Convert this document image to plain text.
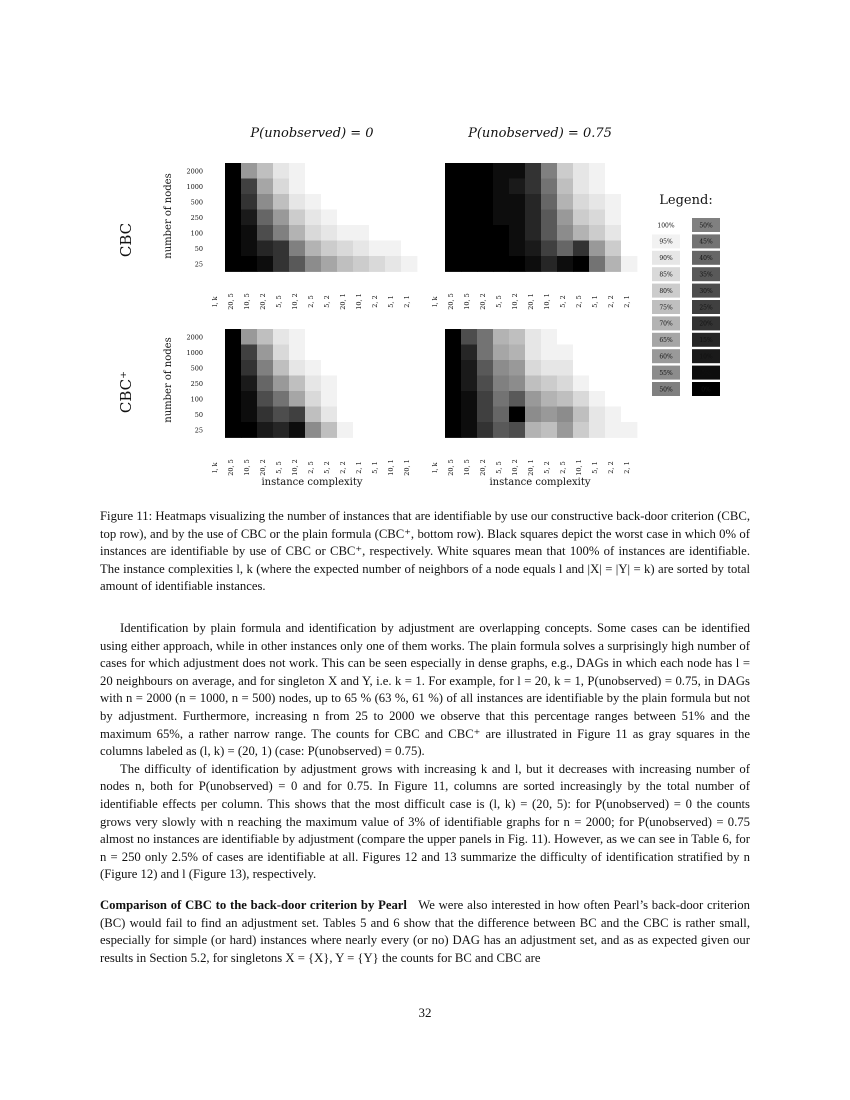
P(unobserved) = 0	P(unobserved) = 0.75
CBC
CBC⁺
number of nodes
number of nodes
instance complexity	instance complexity
2000
1000
500
250
100
50
25
l, k 20, 5 10, 5 20, 2 5, 5 10, 2 2, 5 5, 2 20, 1 10, 1 2, 2 5, 1 2, 1	l, k 20, 5 10, 5 20, 2 5, 5 10, 2 20, 1 10, 1 5, 2 2, 5 5, 1 2, 2 2, 1
2000
1000
500
250
100
50
25
l, k 20, 5 10, 5 20, 2 5, 5 10, 2 2, 5 5, 2 2, 2 2, 1 5, 1 10, 1 20, 1	l, k 20, 5 10, 5 20, 2 5, 5 10, 2 20, 1 5, 2 2, 5 10, 1 5, 1 2, 2 2, 1
Legend:
100%
95%
90%
85%
80%
75%
70%
65%
60%
55%
50%
50%
45%
40%
35%
30%
25%
20%
15%
10%
5%
0%
Figure 11: Heatmaps visualizing the number of instances that are identifiable by use our constructive back-door criterion (CBC, top row), and by the use of CBC or the plain formula (CBC⁺, bottom row). Black squares depict the worst case in which 0% of instances are identifiable by use of CBC or CBC⁺, respectively. White squares mean that 100% of instances are identifiable. The instance complexities l, k (where the expected number of neighbors of a node equals l and |X| = |Y| = k) are sorted by total amount of identifiable instances.

Identification by plain formula and identification by adjustment are overlapping concepts. Some cases can be identified using either approach, while in other instances only one of them works. The plain formula solves a surprisingly high number of cases for which adjustment does not work. This can be seen especially in dense graphs, e.g., DAGs in which each node has l = 20 neighbours on average, and for singleton X and Y, i.e. k = 1. For example, for l = 20, k = 1, P(unobserved) = 0.75, in DAGs with n = 2000 (n = 1000, n = 500) nodes, up to 65 % (63 %, 61 %) of all instances are identifiable by the plain formula but not by adjustment. Furthermore, increasing n from 25 to 2000 we observe that this percentage ranges between 51% and the maximum 65%, a rather narrow range. The counts for CBC and CBC⁺ are illustrated in Figure 11 as gray squares in the columns labeled as (l, k) = (20, 1) (case: P(unobserved) = 0.75).

The difficulty of identification by adjustment grows with increasing k and l, but it decreases with increasing number of nodes n, both for P(unobserved) = 0 and for 0.75. In Figure 11, columns are sorted increasingly by the total number of identifiable effects per column. This shows that the most difficult case is (l, k) = (20, 5): for P(unobserved) = 0 the counts grows very slowly with n reaching the maximum value of 3% of identifiable graphs for n = 2000; for P(unobserved) = 0.75 almost no instances are identifiable by adjustment (compare the upper panels in Fig. 11). However, as we can see in Table 6, for n = 250 only 2.5% of cases are identifiable at all. Figures 12 and 13 summarize the difficulty of identification stratified by n (Figure 12) and l (Figure 13), respectively.

Comparison of CBC to the back-door criterion by Pearl We were also interested in how often Pearl’s back-door criterion (BC) would fail to find an adjustment set. Tables 5 and 6 show that the difference between BC and the CBC is rather small, especially for simple (or hard) instances where nearly every (or no) DAG has an adjustment set, and as as expected given our results in Section 5.2, for singletons X = {X}, Y = {Y} the counts for BC and CBC are

32
